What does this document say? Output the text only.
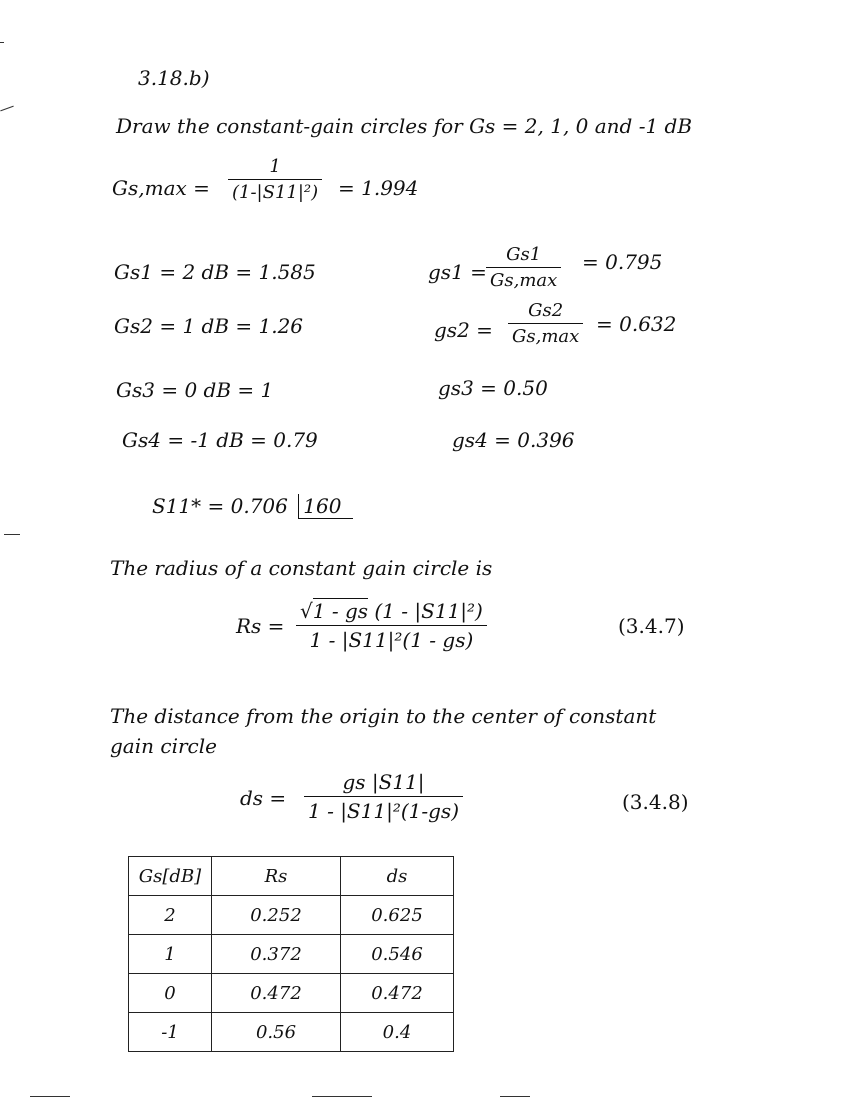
3.18.b)
Draw the constant-gain circles for Gs = 2, 1, 0 and -1 dB
Gs,max =
1
(1-|S11|²) = 1.994
Gs1 = 2 dB = 1.585	gs1 =
Gs1
Gs,max
= 0.795
Gs2 = 1 dB = 1.26	gs2 =
Gs2
Gs,max
= 0.632
Gs3 = 0 dB = 1	gs3 = 0.50
Gs4 = -1 dB = 0.79	gs4 = 0.396
S11* = 0.706 160
The radius of a constant gain circle is
Rs =
√1 - gs (1 - |S11|²)
1 - |S11|²(1 - gs)
(3.4.7)
The distance from the origin to the center of constant
gain circle
ds =
gs |S11|
1 - |S11|²(1-gs)	(3.4.8)
Gs[dB]	Rs	ds
2	0.252	0.625
1	0.372	0.546
0	0.472	0.472
-1	0.56	0.4
